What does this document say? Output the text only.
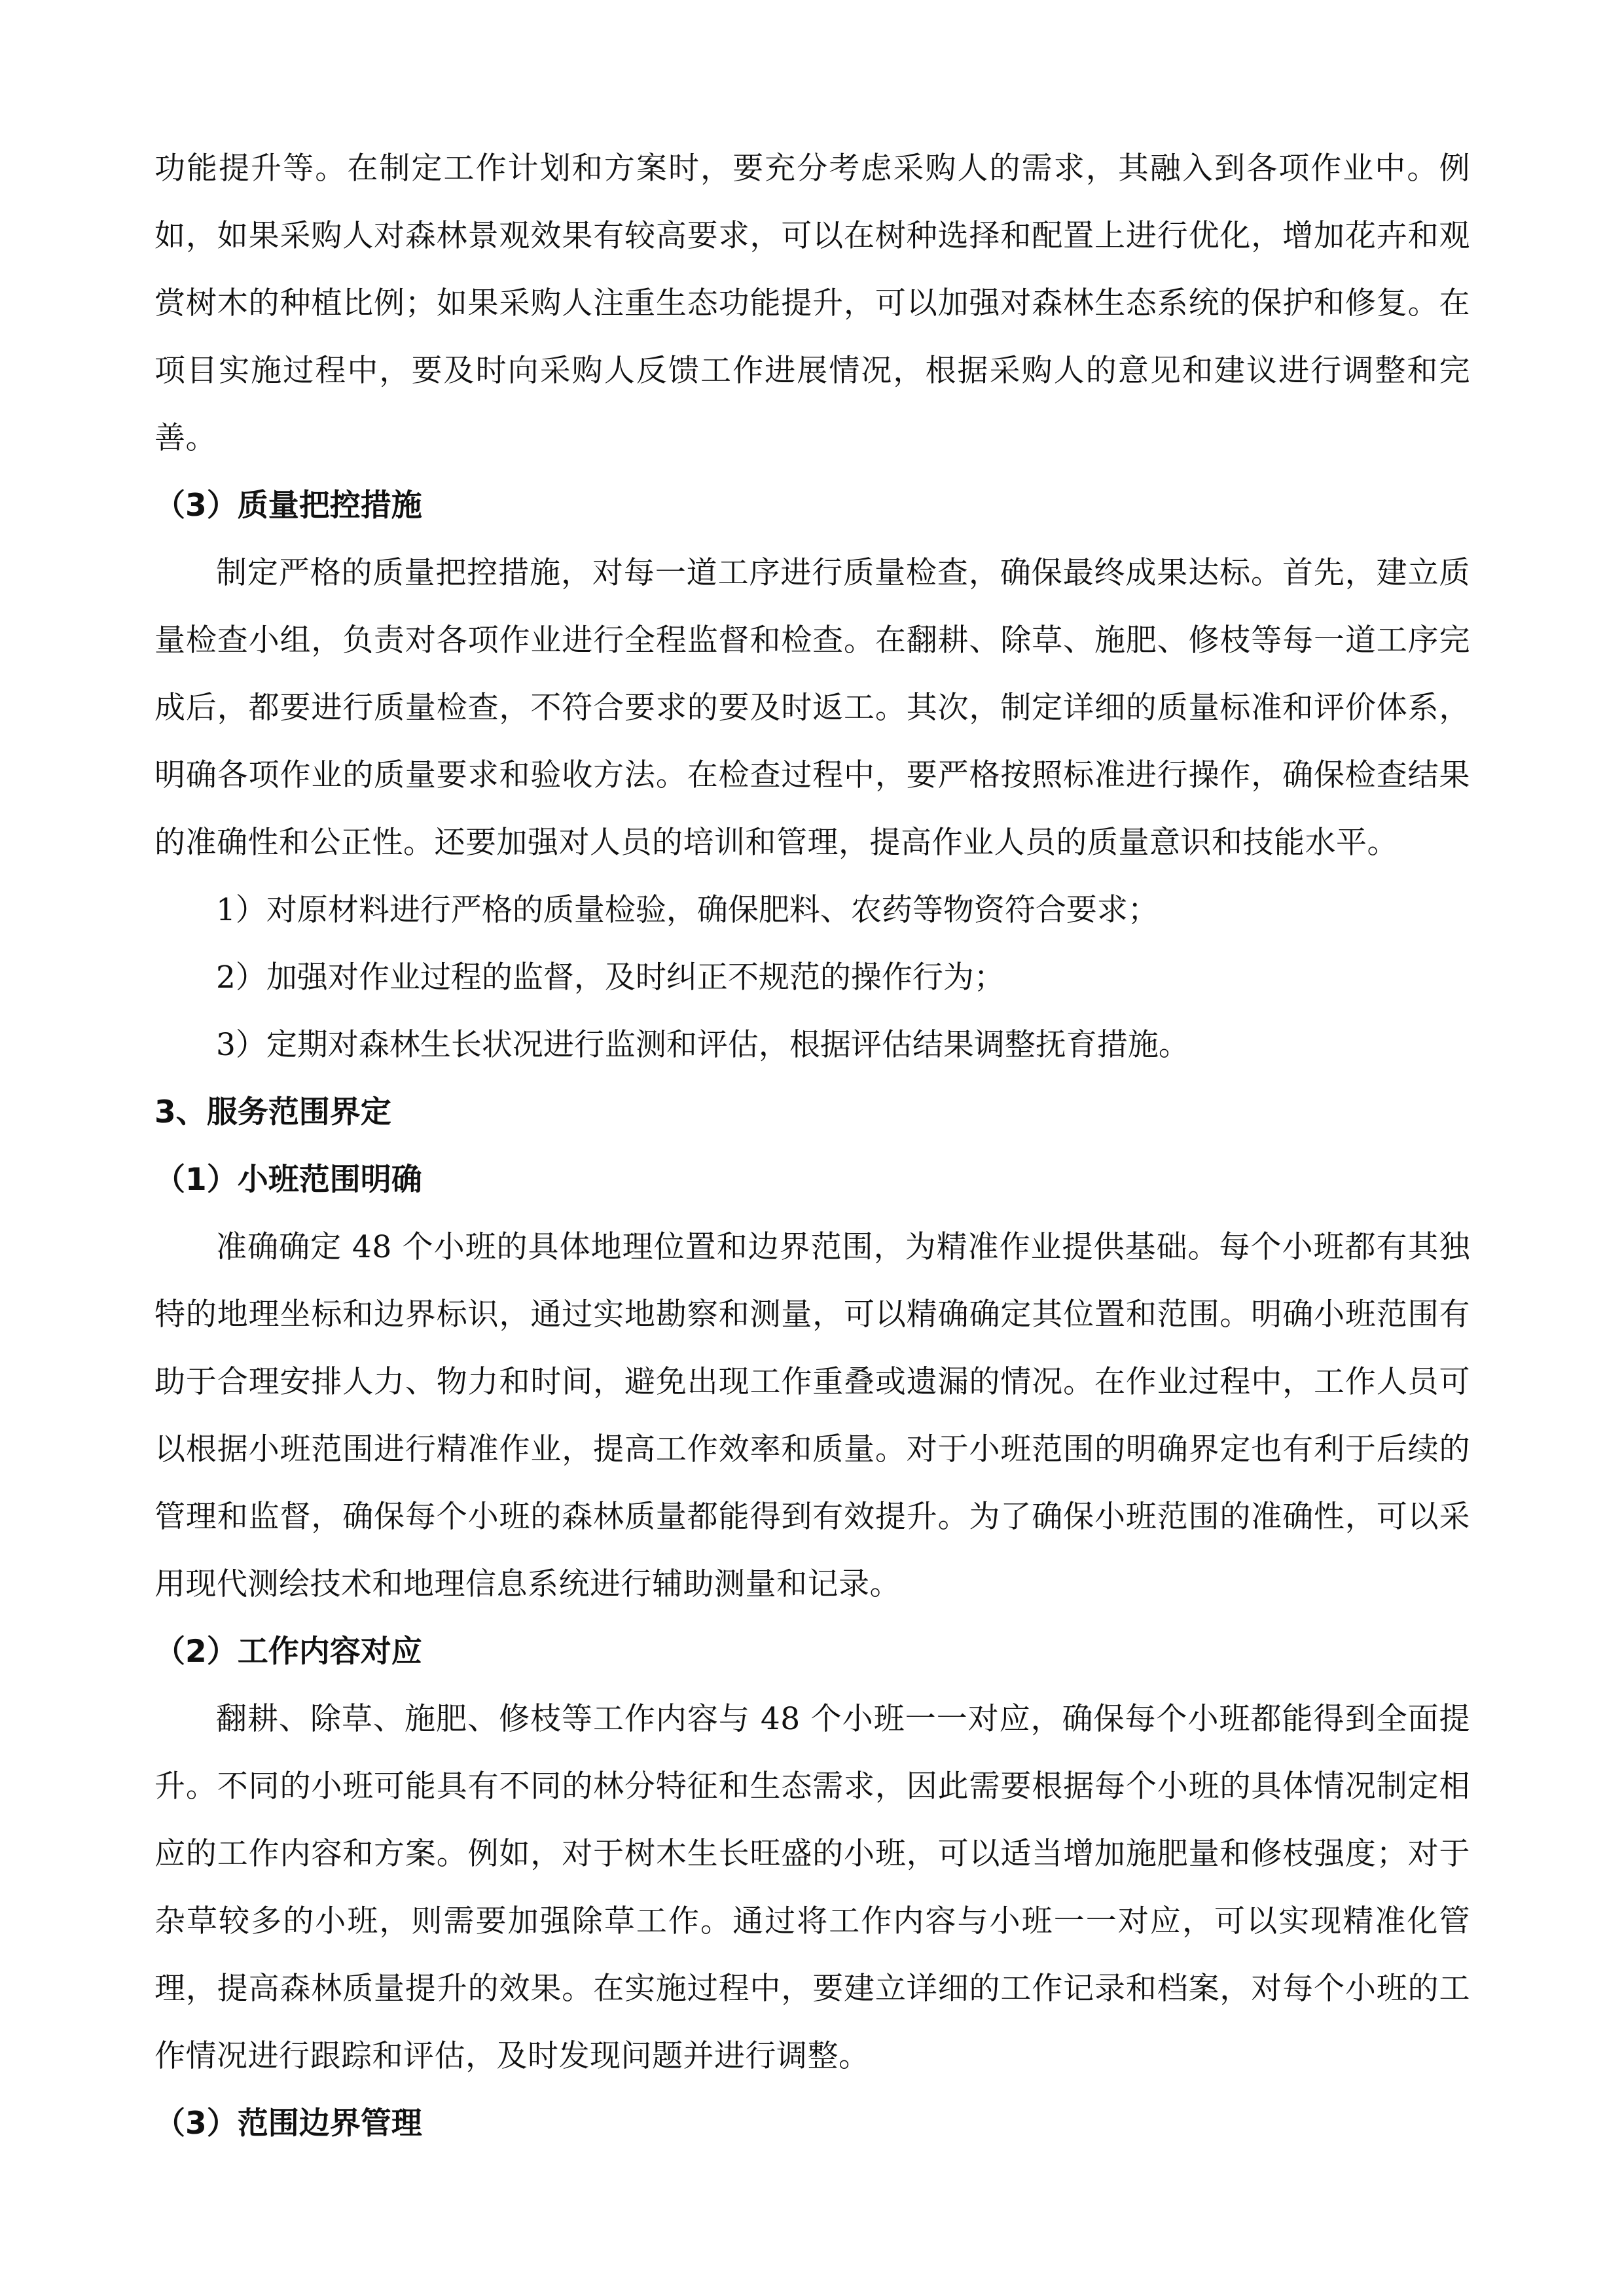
功能提升等。在制定工作计划和方案时，要充分考虑采购人的需求，其融入到各项作业中。例如，如果采购人对森林景观效果有较高要求，可以在树种选择和配置上进行优化，增加花卉和观赏树木的种植比例；如果采购人注重生态功能提升，可以加强对森林生态系统的保护和修复。在项目实施过程中，要及时向采购人反馈工作进展情况，根据采购人的意见和建议进行调整和完善。

（3）质量把控措施

制定严格的质量把控措施，对每一道工序进行质量检查，确保最终成果达标。首先，建立质量检查小组，负责对各项作业进行全程监督和检查。在翻耕、除草、施肥、修枝等每一道工序完成后，都要进行质量检查，不符合要求的要及时返工。其次，制定详细的质量标准和评价体系，明确各项作业的质量要求和验收方法。在检查过程中，要严格按照标准进行操作，确保检查结果的准确性和公正性。还要加强对人员的培训和管理，提高作业人员的质量意识和技能水平。

1）对原材料进行严格的质量检验，确保肥料、农药等物资符合要求；

2）加强对作业过程的监督，及时纠正不规范的操作行为；

3）定期对森林生长状况进行监测和评估，根据评估结果调整抚育措施。

3、服务范围界定

（1）小班范围明确

准确确定 48 个小班的具体地理位置和边界范围，为精准作业提供基础。每个小班都有其独特的地理坐标和边界标识，通过实地勘察和测量，可以精确确定其位置和范围。明确小班范围有助于合理安排人力、物力和时间，避免出现工作重叠或遗漏的情况。在作业过程中，工作人员可以根据小班范围进行精准作业，提高工作效率和质量。对于小班范围的明确界定也有利于后续的管理和监督，确保每个小班的森林质量都能得到有效提升。为了确保小班范围的准确性，可以采用现代测绘技术和地理信息系统进行辅助测量和记录。

（2）工作内容对应

翻耕、除草、施肥、修枝等工作内容与 48 个小班一一对应，确保每个小班都能得到全面提升。不同的小班可能具有不同的林分特征和生态需求，因此需要根据每个小班的具体情况制定相应的工作内容和方案。例如，对于树木生长旺盛的小班，可以适当增加施肥量和修枝强度；对于杂草较多的小班，则需要加强除草工作。通过将工作内容与小班一一对应，可以实现精准化管理，提高森林质量提升的效果。在实施过程中，要建立详细的工作记录和档案，对每个小班的工作情况进行跟踪和评估，及时发现问题并进行调整。

（3）范围边界管理
